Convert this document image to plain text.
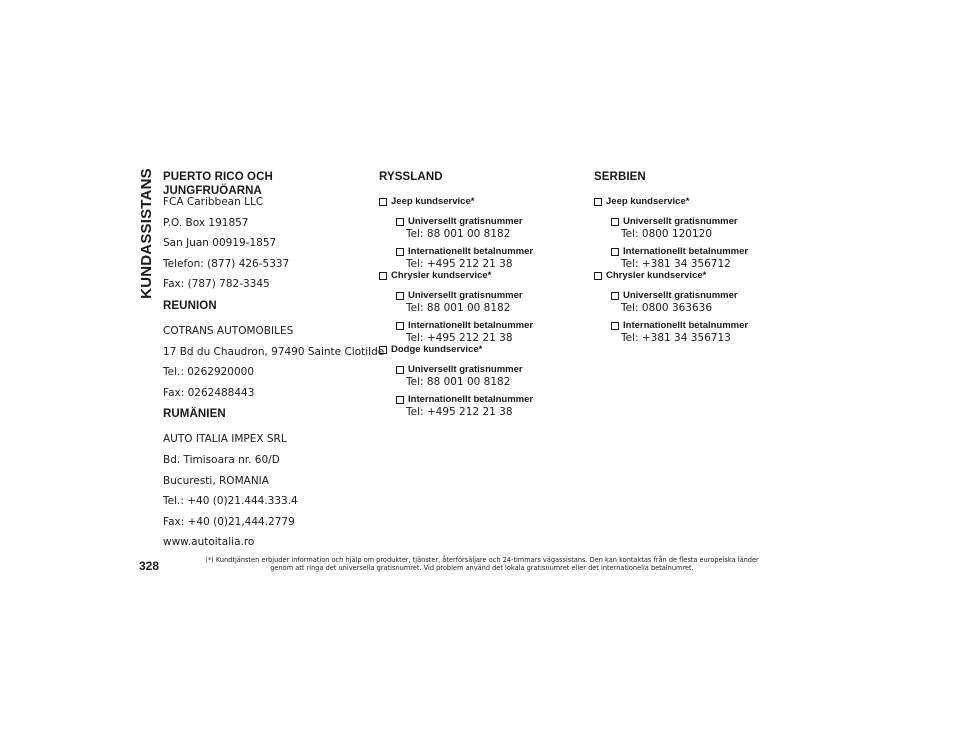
KUNDASSISTANS PUERTO RICO OCH JUNGFRUÖARNA
FCA Caribbean LLC
P.O. Box 191857
San Juan 00919-1857
Telefon: (877) 426-5337
Fax: (787) 782-3345
REUNION
COTRANS AUTOMOBILES
17 Bd du Chaudron, 97490 Sainte Clotilde
Tel.: 0262920000
Fax: 0262488443
RUMÄNIEN
AUTO ITALIA IMPEX SRL
Bd. Timisoara nr. 60/D
Bucuresti, ROMANIA
Tel.: +40 (0)21.444.333.4
Fax: +40 (0)21,444.2779
www.autoitalia.ro
RYSSLAND
Jeep kundservice*
Universellt gratisnummer
Tel: 88 001 00 8182
Internationellt betalnummer
Tel: +495 212 21 38
Chrysler kundservice*
Universellt gratisnummer
Tel: 88 001 00 8182
Internationellt betalnummer
Tel: +495 212 21 38
Dodge kundservice*
Universellt gratisnummer
Tel: 88 001 00 8182
Internationellt betalnummer
Tel: +495 212 21 38
SERBIEN
Jeep kundservice*
Universellt gratisnummer
Tel: 0800 120120
Internationellt betalnummer
Tel: +381 34 356712
Chrysler kundservice*
Universellt gratisnummer
Tel: 0800 363636
Internationellt betalnummer
Tel: +381 34 356713
328	(*) Kundtjänsten erbjuder information och hjälp om produkter, tjänster, återförsäljare och 24-timmars vägassistans. Den kan kontaktas från de flesta europeiska länder
genom att ringa det universella gratisnumret. Vid problem använd det lokala gratisnumret eller det internationella betalnumret.
